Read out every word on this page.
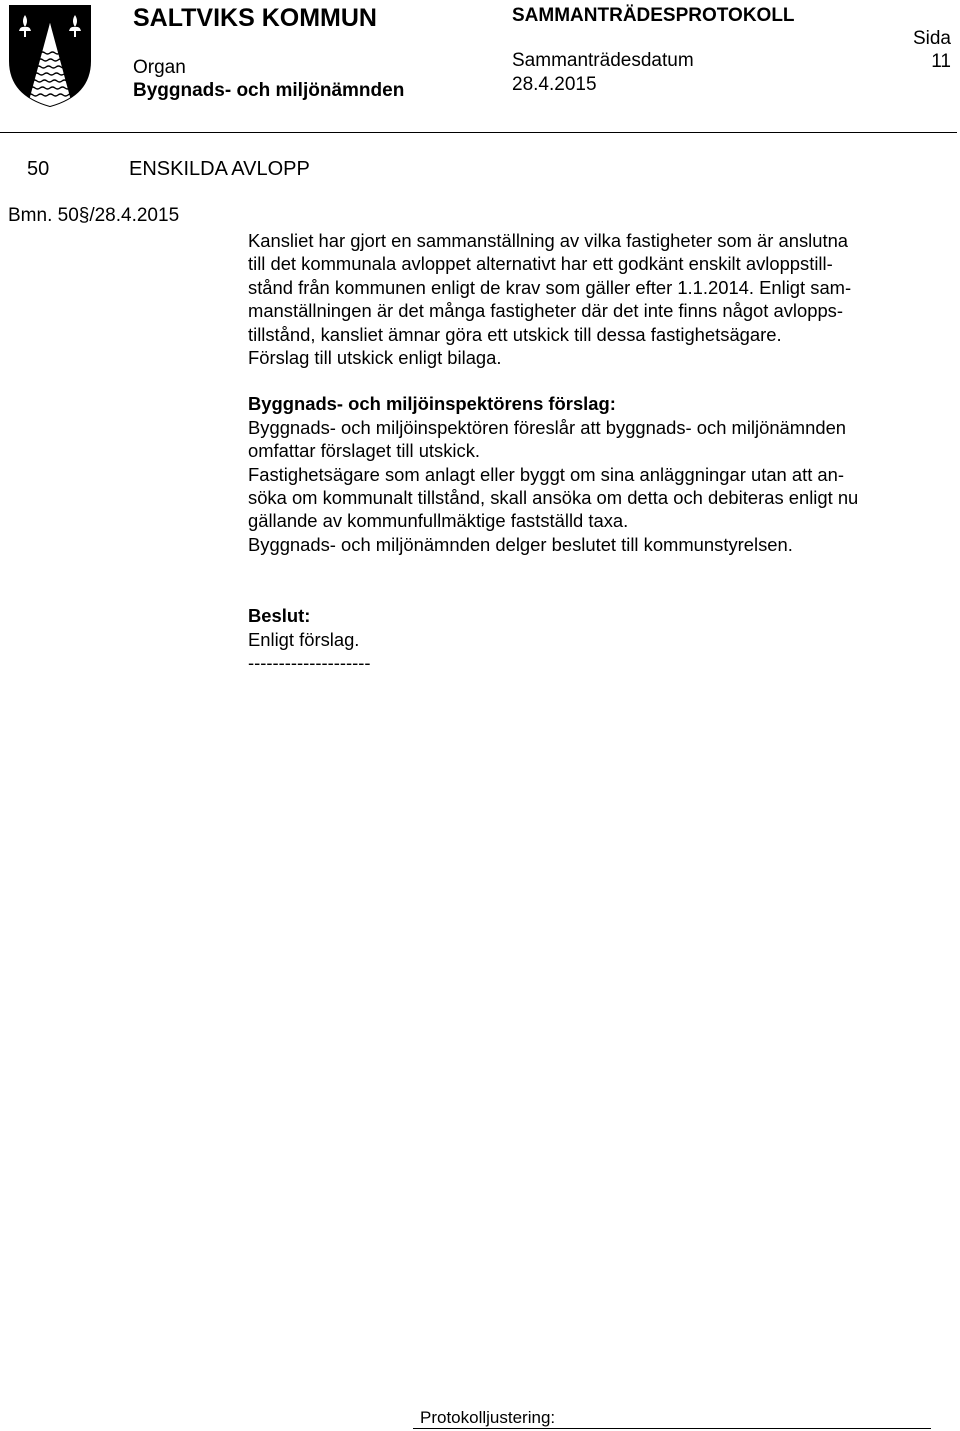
SALTVIKS KOMMUN
Organ
Byggnads- och miljönämnden
SAMMANTRÄDESPROTOKOLL
Sammanträdesdatum
28.4.2015
Sida
11
50	ENSKILDA AVLOPP
Bmn. 50§/28.4.2015

Kansliet har gjort en sammanställning av vilka fastigheter som är anslutna

till det kommunala avloppet alternativt har ett godkänt enskilt avloppstill-

stånd från kommunen enligt de krav som gäller efter 1.1.2014. Enligt sam-

manställningen är det många fastigheter där det inte finns något avlopps-

tillstånd, kansliet ämnar göra ett utskick till dessa fastighetsägare.

Förslag till utskick enligt bilaga.

Byggnads- och miljöinspektörens förslag:

Byggnads- och miljöinspektören föreslår att byggnads- och miljönämnden

omfattar förslaget till utskick.

Fastighetsägare som anlagt eller byggt om sina anläggningar utan att an-

söka om kommunalt tillstånd, skall ansöka om detta och debiteras enligt nu

gällande av kommunfullmäktige fastställd taxa.

Byggnads- och miljönämnden delger beslutet till kommunstyrelsen.

Beslut:

Enligt förslag.

--------------------

Protokolljustering:
